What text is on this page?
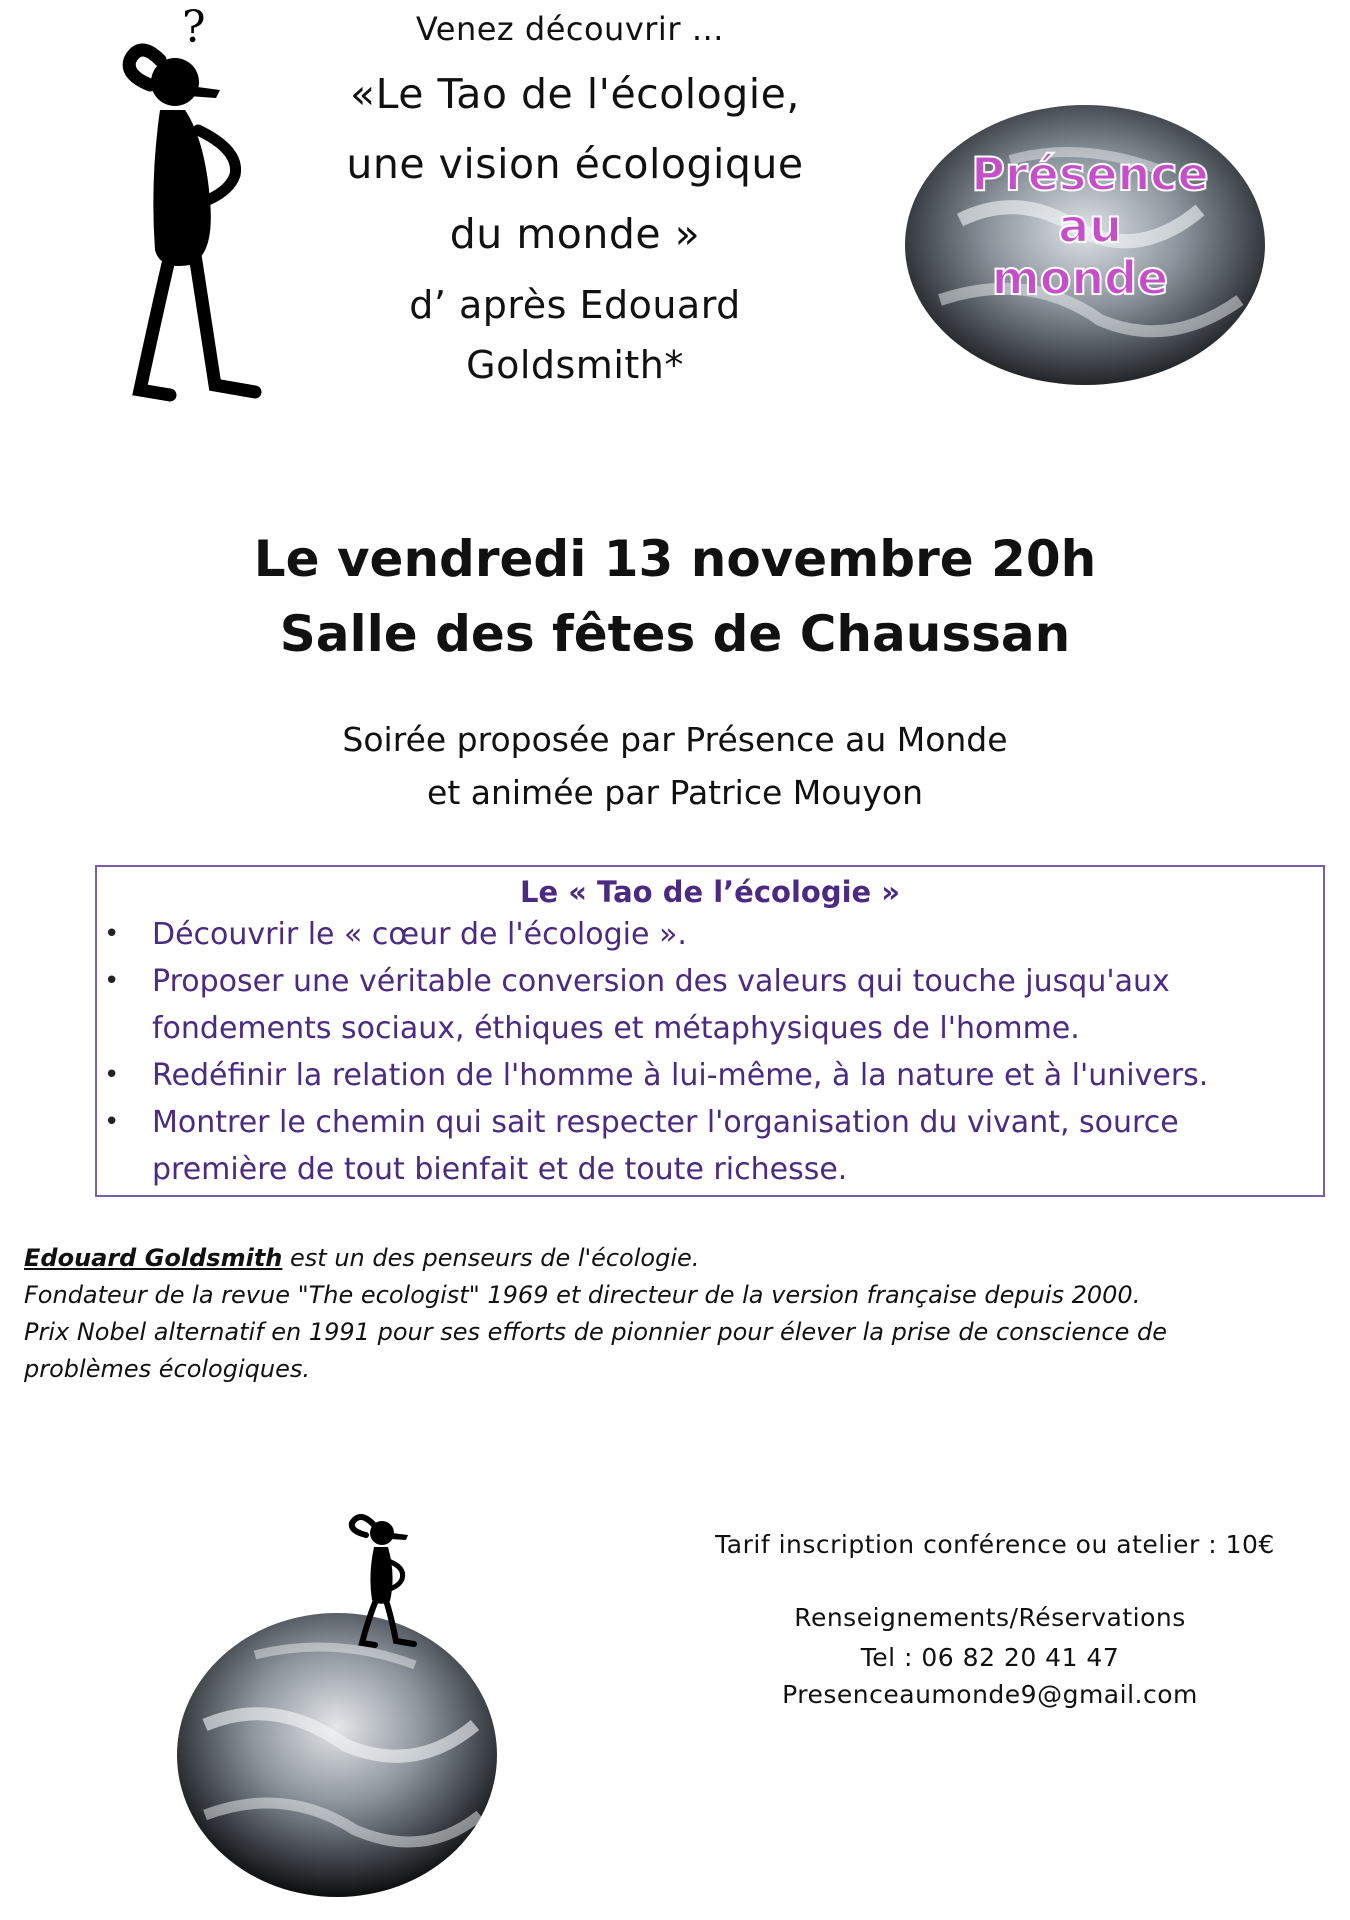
?
Présence
au
monde
Venez découvrir …
«Le Tao de l'écologie,
une vision écologique
du monde »
d’ après Edouard
Goldsmith*
Le vendredi 13 novembre 20h
Salle des fêtes de Chaussan
Soirée proposée par Présence au Monde
et animée par Patrice Mouyon
Le « Tao de l’écologie »
• Découvrir le « cœur de l'écologie ».
• Proposer une véritable conversion des valeurs qui touche jusqu'aux
fondements sociaux, éthiques et métaphysiques de l'homme.
• Redéfinir la relation de l'homme à lui-même, à la nature et à l'univers.
• Montrer le chemin qui sait respecter l'organisation du vivant, source
première de tout bienfait et de toute richesse.
Edouard Goldsmith est un des penseurs de l'écologie.
Fondateur de la revue "The ecologist" 1969 et directeur de la version française depuis 2000.
Prix Nobel alternatif en 1991 pour ses efforts de pionnier pour élever la prise de conscience de
problèmes écologiques.
Tarif inscription conférence ou atelier : 10€
Renseignements/Réservations
Tel : 06 82 20 41 47
Presenceaumonde9@gmail.com
